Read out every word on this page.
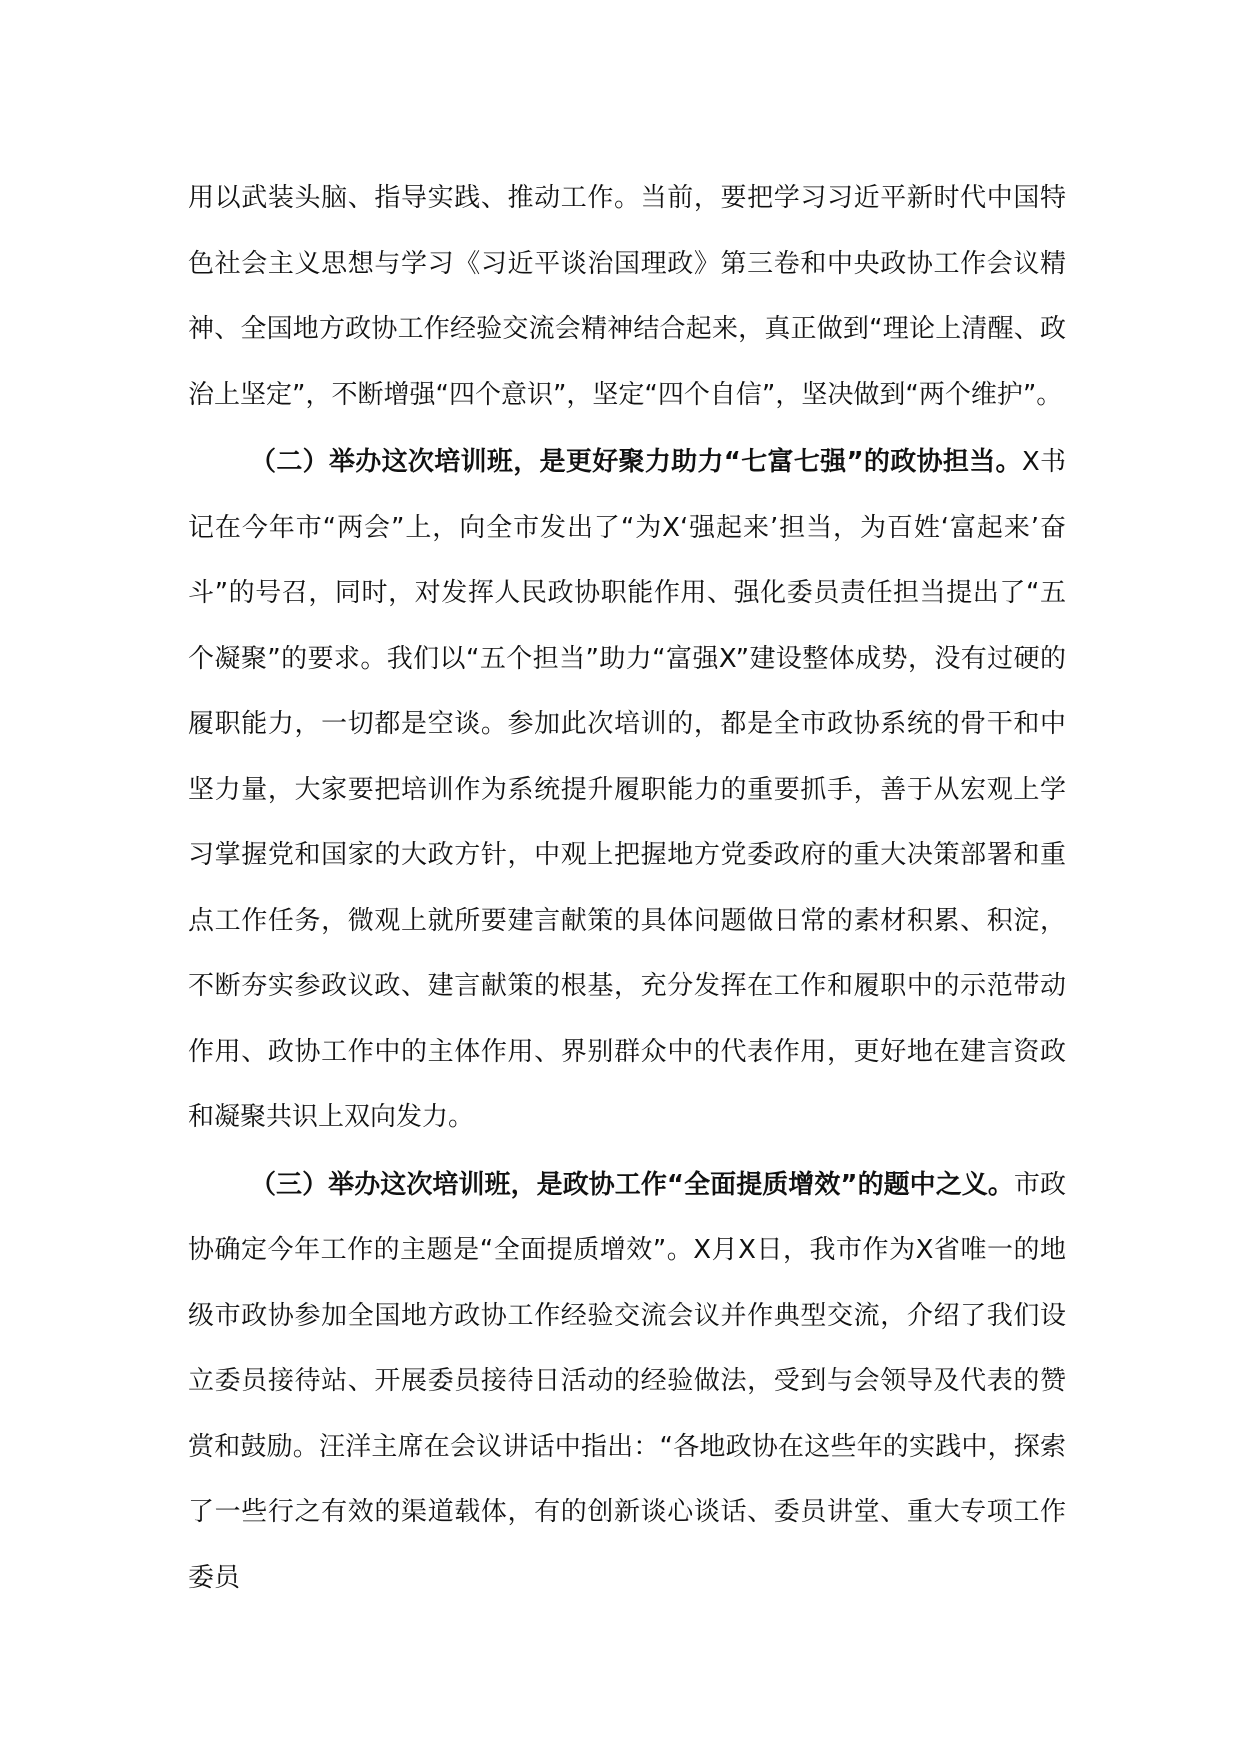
用以武装头脑、指导实践、推动工作。当前，要把学习习近平新时代中国特色社会主义思想与学习《习近平谈治国理政》第三卷和中央政协工作会议精神、全国地方政协工作经验交流会精神结合起来，真正做到“理论上清醒、政治上坚定”，不断增强“四个意识”，坚定“四个自信”，坚决做到“两个维护”。

（二）举办这次培训班，是更好聚力助力“七富七强”的政协担当。X书记在今年市“两会”上，向全市发出了“为X‘强起来’担当，为百姓‘富起来’奋斗”的号召，同时，对发挥人民政协职能作用、强化委员责任担当提出了“五个凝聚”的要求。我们以“五个担当”助力“富强X”建设整体成势，没有过硬的履职能力，一切都是空谈。参加此次培训的，都是全市政协系统的骨干和中坚力量，大家要把培训作为系统提升履职能力的重要抓手，善于从宏观上学习掌握党和国家的大政方针，中观上把握地方党委政府的重大决策部署和重点工作任务，微观上就所要建言献策的具体问题做日常的素材积累、积淀，不断夯实参政议政、建言献策的根基，充分发挥在工作和履职中的示范带动作用、政协工作中的主体作用、界别群众中的代表作用，更好地在建言资政和凝聚共识上双向发力。

（三）举办这次培训班，是政协工作“全面提质增效”的题中之义。市政协确定今年工作的主题是“全面提质增效”。X月X日，我市作为X省唯一的地级市政协参加全国地方政协工作经验交流会议并作典型交流，介绍了我们设立委员接待站、开展委员接待日活动的经验做法，受到与会领导及代表的赞赏和鼓励。汪洋主席在会议讲话中指出：“各地政协在这些年的实践中，探索了一些行之有效的渠道载体，有的创新谈心谈话、委员讲堂、重大专项工作委员
